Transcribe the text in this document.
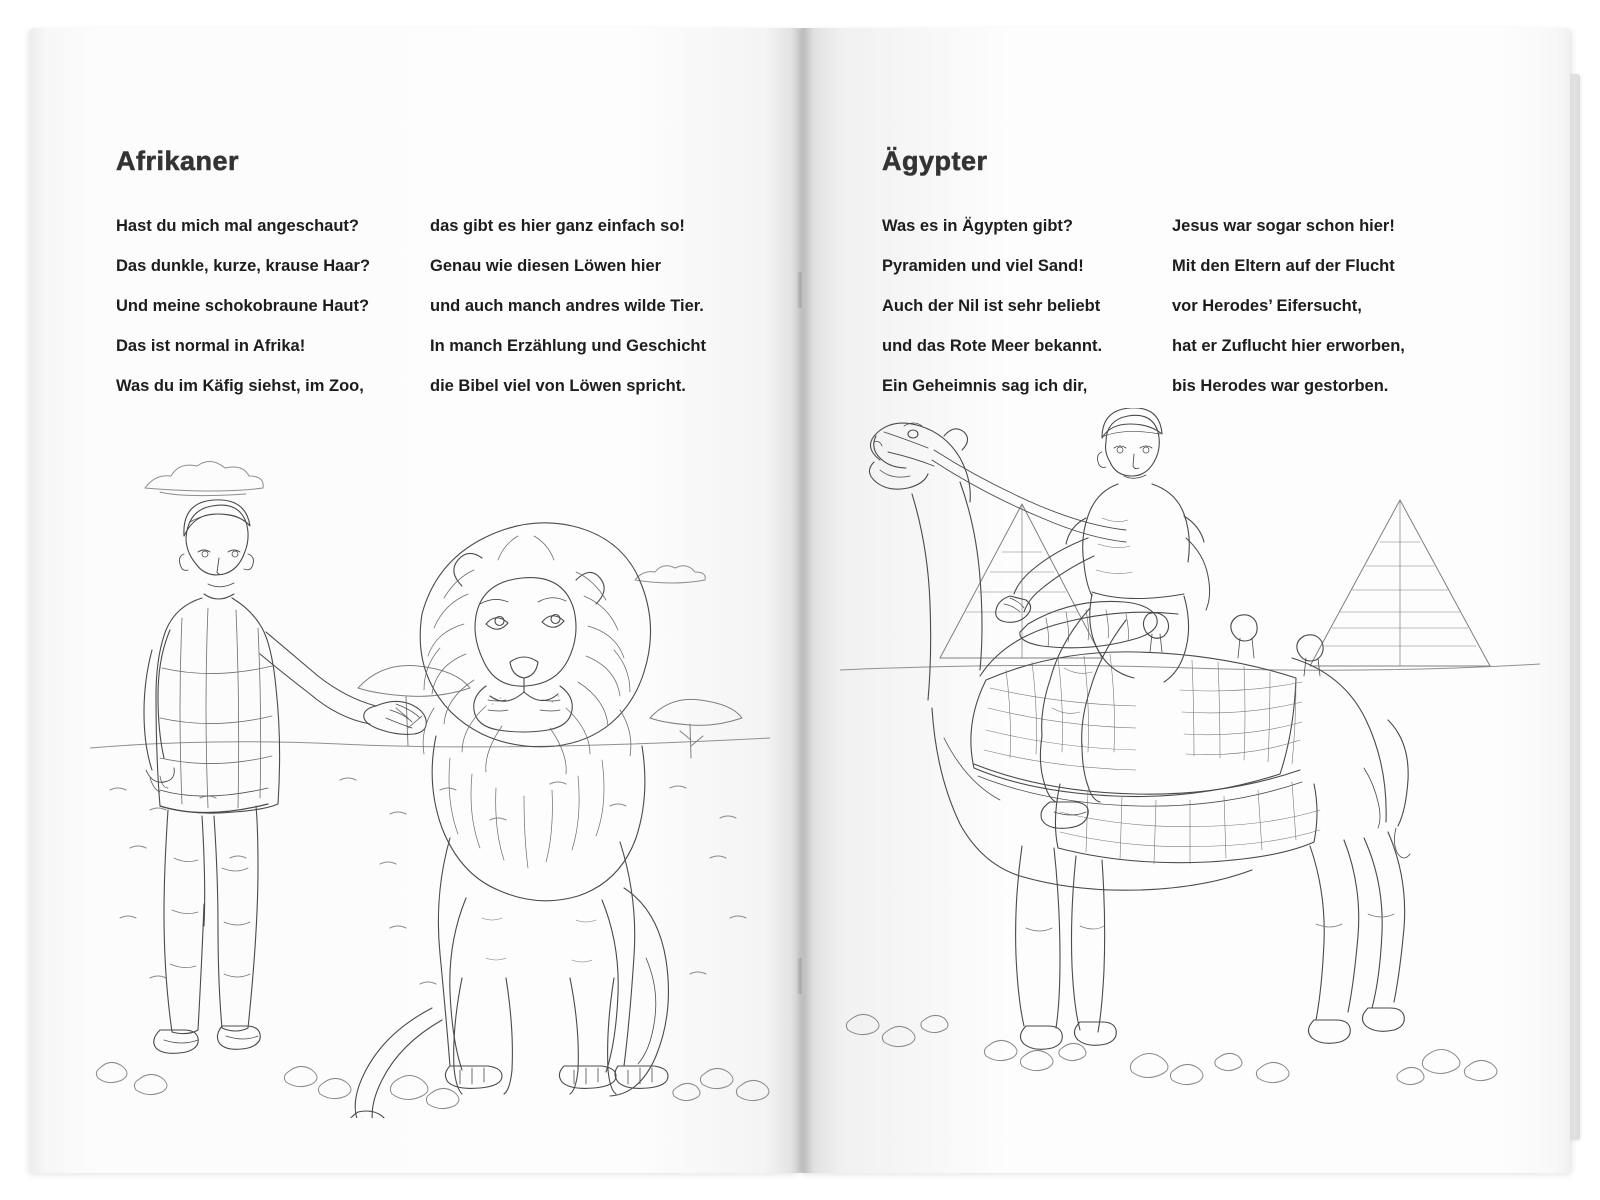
Afrikaner
Hast du mich mal angeschaut?
Das dunkle, kurze, krause Haar?
Und meine schokobraune Haut?
Das ist normal in Afrika!
Was du im Käfig siehst, im Zoo,
das gibt es hier ganz einfach so!
Genau wie diesen Löwen hier
und auch manch andres wilde Tier.
In manch Erzählung und Geschicht
die Bibel viel von Löwen spricht.
Ägypter
Was es in Ägypten gibt?
Pyramiden und viel Sand!
Auch der Nil ist sehr beliebt
und das Rote Meer bekannt.
Ein Geheimnis sag ich dir,
Jesus war sogar schon hier!
Mit den Eltern auf der Flucht
vor Herodes’ Eifersucht,
hat er Zuflucht hier erworben,
bis Herodes war gestorben.
